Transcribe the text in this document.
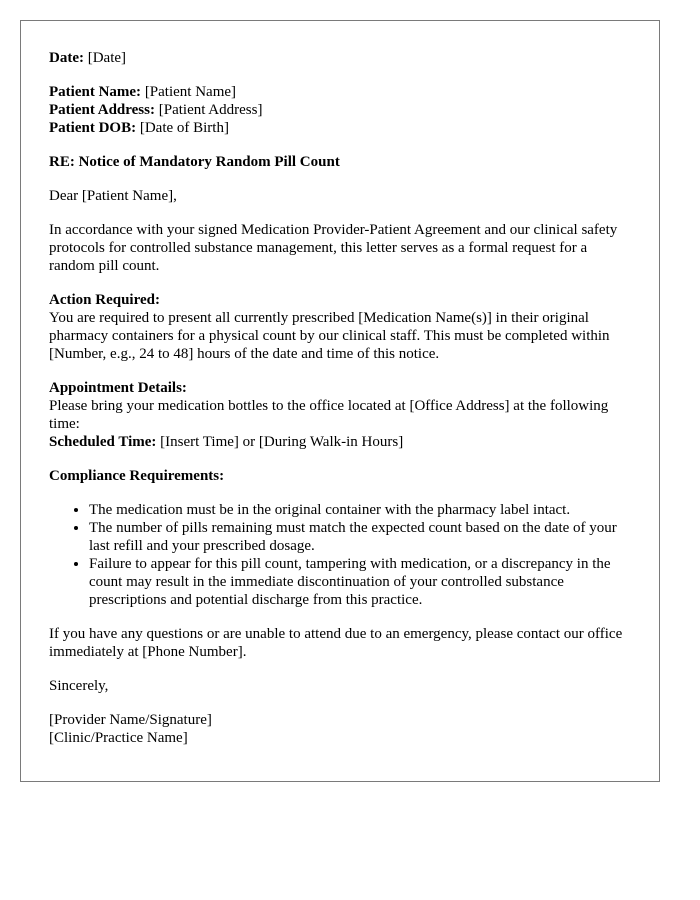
Date: [Date]
Patient Name: [Patient Name]
Patient Address: [Patient Address]
Patient DOB: [Date of Birth]
RE: Notice of Mandatory Random Pill Count

Dear [Patient Name],

In accordance with your signed Medication Provider-Patient Agreement and our clinical safety protocols for controlled substance management, this letter serves as a formal request for a random pill count.

Action Required:
You are required to present all currently prescribed [Medication Name(s)] in their original pharmacy containers for a physical count by our clinical staff. This must be completed within [Number, e.g., 24 to 48] hours of the date and time of this notice.
Appointment Details:
Please bring your medication bottles to the office located at [Office Address] at the following time:
Scheduled Time: [Insert Time] or [During Walk-in Hours]
Compliance Requirements:
• The medication must be in the original container with the pharmacy label intact.
• The number of pills remaining must match the expected count based on the date of your last refill and your prescribed dosage.
• Failure to appear for this pill count, tampering with medication, or a discrepancy in the count may result in the immediate discontinuation of your controlled substance prescriptions and potential discharge from this practice.

If you have any questions or are unable to attend due to an emergency, please contact our office immediately at [Phone Number].

Sincerely,

[Provider Name/Signature]
[Clinic/Practice Name]
